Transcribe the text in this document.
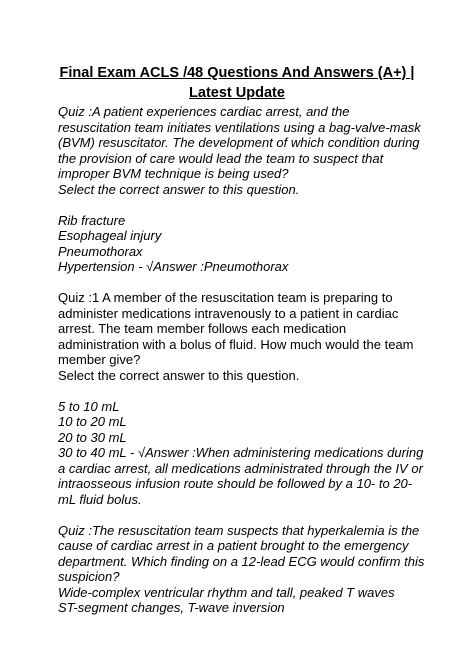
Final Exam ACLS /48 Questions And Answers (A+) |
Latest Update
Quiz :A patient experiences cardiac arrest, and the
resuscitation team initiates ventilations using a bag-valve-mask
(BVM) resuscitator. The development of which condition during
the provision of care would lead the team to suspect that
improper BVM technique is being used?
Select the correct answer to this question.
Rib fracture
Esophageal injury
Pneumothorax
Hypertension - √Answer :Pneumothorax
Quiz :1 A member of the resuscitation team is preparing to
administer medications intravenously to a patient in cardiac
arrest. The team member follows each medication
administration with a bolus of fluid. How much would the team
member give?
Select the correct answer to this question.
5 to 10 mL
10 to 20 mL
20 to 30 mL
30 to 40 mL - √Answer :When administering medications during
a cardiac arrest, all medications administrated through the IV or
intraosseous infusion route should be followed by a 10- to 20-
mL fluid bolus.
Quiz :The resuscitation team suspects that hyperkalemia is the
cause of cardiac arrest in a patient brought to the emergency
department. Which finding on a 12-lead ECG would confirm this
suspicion?
Wide-complex ventricular rhythm and tall, peaked T waves
ST-segment changes, T-wave inversion
